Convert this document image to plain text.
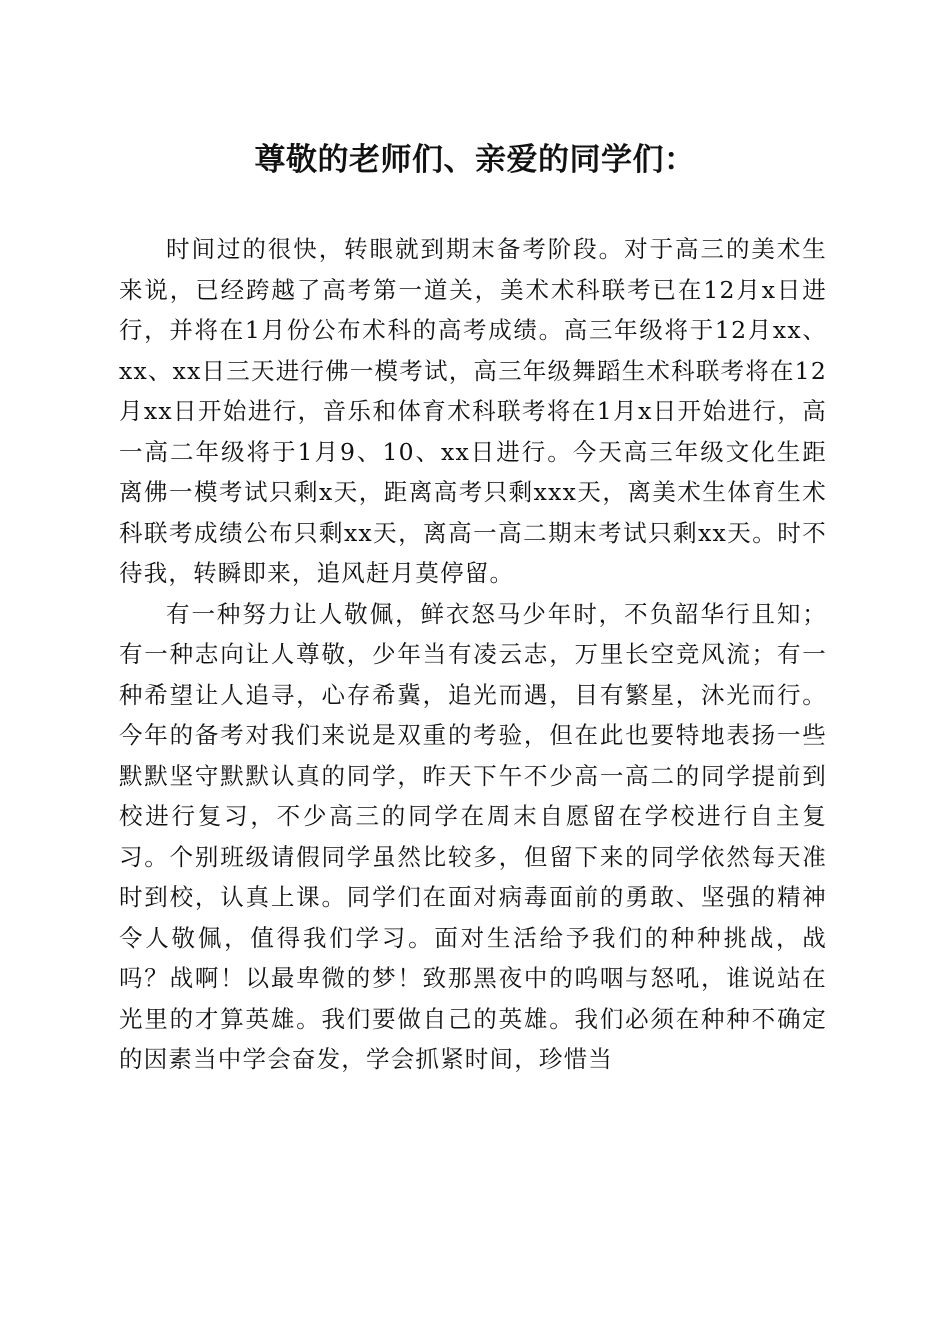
尊敬的老师们、亲爱的同学们：

时间过的很快，转眼就到期末备考阶段。对于高三的美术生来说，已经跨越了高考第一道关，美术术科联考已在12月x日进行，并将在1月份公布术科的高考成绩。高三年级将于12月xx、xx、xx日三天进行佛一模考试，高三年级舞蹈生术科联考将在12月xx日开始进行，音乐和体育术科联考将在1月x日开始进行，高一高二年级将于1月9、10、xx日进行。今天高三年级文化生距离佛一模考试只剩x天，距离高考只剩xxx天，离美术生体育生术科联考成绩公布只剩xx天，离高一高二期末考试只剩xx天。时不待我，转瞬即来，追风赶月莫停留。

有一种努力让人敬佩，鲜衣怒马少年时，不负韶华行且知；有一种志向让人尊敬，少年当有凌云志，万里长空竞风流；有一种希望让人追寻，心存希冀，追光而遇，目有繁星，沐光而行。今年的备考对我们来说是双重的考验，但在此也要特地表扬一些默默坚守默默认真的同学，昨天下午不少高一高二的同学提前到校进行复习，不少高三的同学在周末自愿留在学校进行自主复习。个别班级请假同学虽然比较多，但留下来的同学依然每天准时到校，认真上课。同学们在面对病毒面前的勇敢、坚强的精神令人敬佩，值得我们学习。面对生活给予我们的种种挑战，战吗？战啊！以最卑微的梦！致那黑夜中的呜咽与怒吼，谁说站在光里的才算英雄。我们要做自己的英雄。我们必须在种种不确定的因素当中学会奋发，学会抓紧时间，珍惜当
